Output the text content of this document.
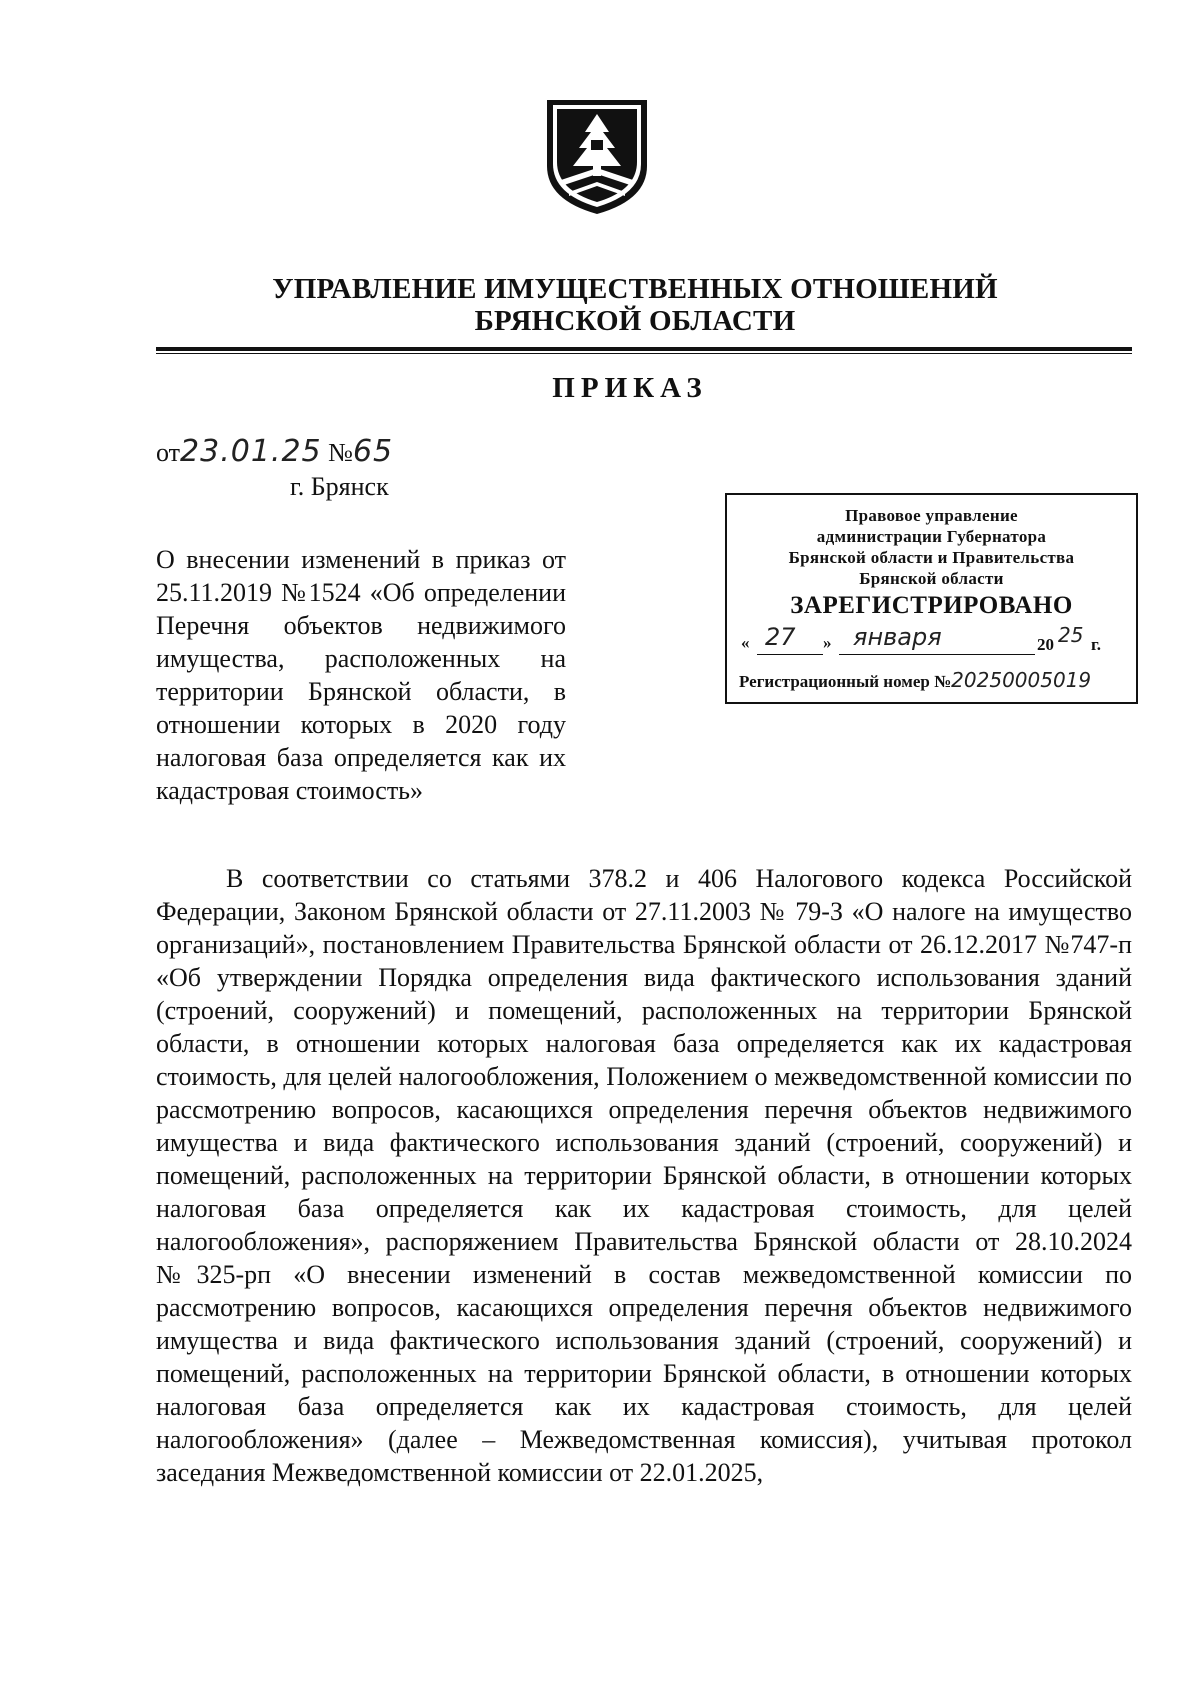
УПРАВЛЕНИЕ ИМУЩЕСТВЕННЫХ ОТНОШЕНИЙ
БРЯНСКОЙ ОБЛАСТИ
ПРИКАЗ
от23.01.25 №65
г. Брянск
Правовое управление
администрации Губернатора
Брянской области и Правительства
Брянской области
ЗАРЕГИСТРИРОВАНО
« 27 » января	20 25 г.
Регистрационный номер №20250005019
О внесении изменений в приказ от 25.11.2019 №1524 «Об определении Перечня объектов недвижимого имущества, расположенных на территории Брянской области, в отношении которых в 2020 году налоговая база определяется как их кадастровая стоимость»
В соответствии со статьями 378.2 и 406 Налогового кодекса Российской Федерации, Законом Брянской области от 27.11.2003 № 79-З «О налоге на имущество организаций», постановлением Правительства Брянской области от 26.12.2017 №747-п «Об утверждении Порядка определения вида фактического использования зданий (строений, сооружений) и помещений, расположенных на территории Брянской области, в отношении которых налоговая база определяется как их кадастровая стоимость, для целей налогообложения, Положением о межведомственной комиссии по рассмотрению вопросов, касающихся определения перечня объектов недвижимого имущества и вида фактического использования зданий (строений, сооружений) и помещений, расположенных на территории Брянской области, в отношении которых налоговая база определяется как их кадастровая стоимость, для целей налогообложения», распоряжением Правительства Брянской области от 28.10.2024 №325-рп «О внесении изменений в состав межведомственной комиссии по рассмотрению вопросов, касающихся определения перечня объектов недвижимого имущества и вида фактического использования зданий (строений, сооружений) и помещений, расположенных на территории Брянской области, в отношении которых налоговая база определяется как их кадастровая стоимость, для целей налогообложения» (далее – Межведомственная комиссия), учитывая протокол заседания Межведомственной комиссии от 22.01.2025,
